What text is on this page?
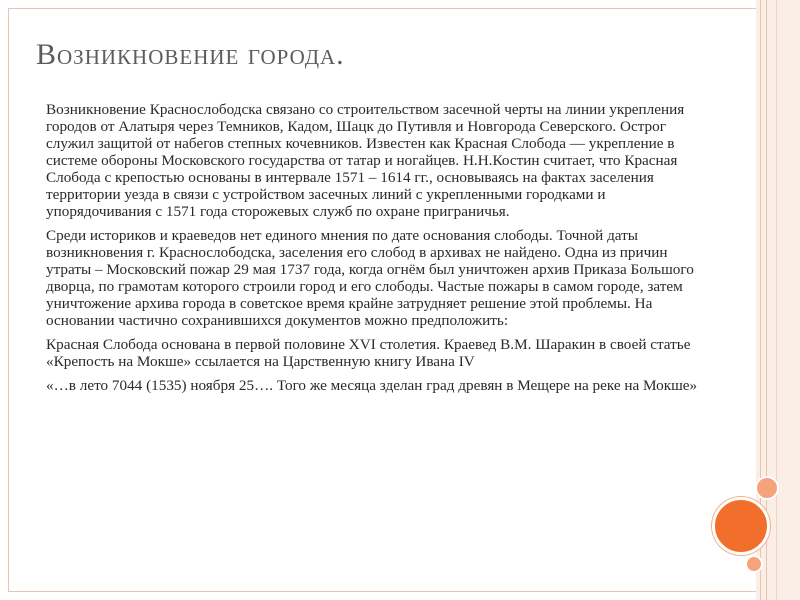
Возникновение города.

Возникновение Краснослободска связано со строительством засечной черты на линии укрепления городов от Алатыря через Темников, Кадом, Шацк до Путивля и Новгорода Северского. Острог служил защитой от набегов степных кочевников. Известен как Красная Слобода — укрепление в системе обороны Московского государства от татар и ногайцев. Н.Н.Костин считает, что Красная Слобода с крепостью основаны в интервале 1571 – 1614 гг., основываясь на фактах заселения территории уезда в связи с устройством засечных линий с укрепленными городками и упорядочивания с 1571 года сторожевых служб по охране приграничья.

Среди историков и краеведов нет единого мнения по дате основания слободы. Точной даты возникновения г. Краснослободска, заселения его слобод в архивах не найдено. Одна из причин утраты – Московский пожар 29 мая 1737 года, когда огнём был уничтожен архив Приказа Большого дворца, по грамотам которого строили город и его слободы. Частые пожары в самом городе, затем уничтожение архива города в советское время крайне затрудняет решение этой проблемы. На основании частично сохранившихся документов можно предположить:

Красная Слобода основана в первой половине XVI столетия. Краевед В.М. Шаракин в своей статье «Крепость на Мокше» ссылается на Царственную книгу Ивана IV

«…в лето 7044 (1535) ноября 25…. Того же месяца зделан град древян в Мещере на реке на Мокше»
